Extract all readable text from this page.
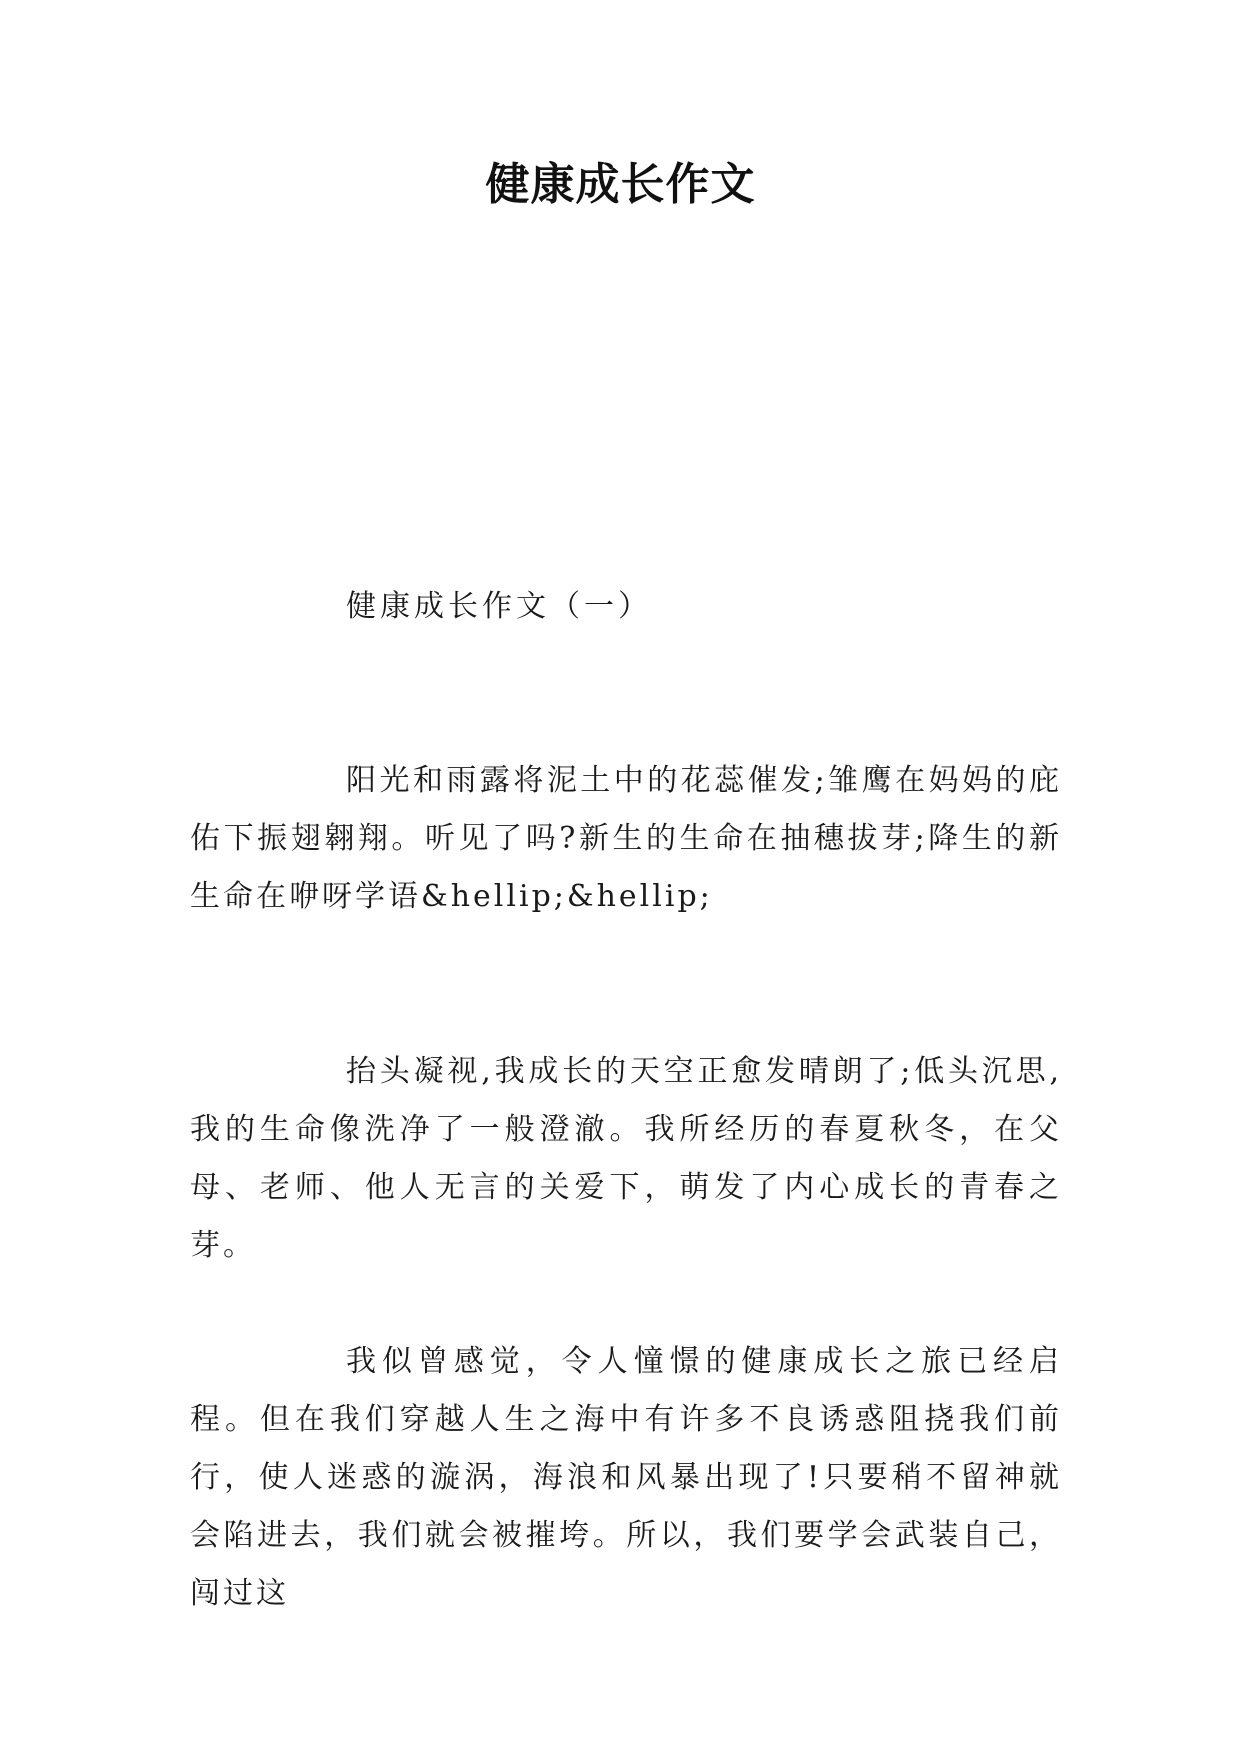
健康成长作文

健康成长作文（一）

阳光和雨露将泥土中的花蕊催发;雏鹰在妈妈的庇佑下振翅翱翔。听见了吗?新生的生命在抽穗拔芽;降生的新生命在咿呀学语&hellip;&hellip;

抬头凝视,我成长的天空正愈发晴朗了;低头沉思,我的生命像洗净了一般澄澈。我所经历的春夏秋冬，在父母、老师、他人无言的关爱下，萌发了内心成长的青春之芽。

我似曾感觉，令人憧憬的健康成长之旅已经启程。但在我们穿越人生之海中有许多不良诱惑阻挠我们前行，使人迷惑的漩涡，海浪和风暴出现了!只要稍不留神就会陷进去，我们就会被摧垮。所以，我们要学会武装自己，闯过这
